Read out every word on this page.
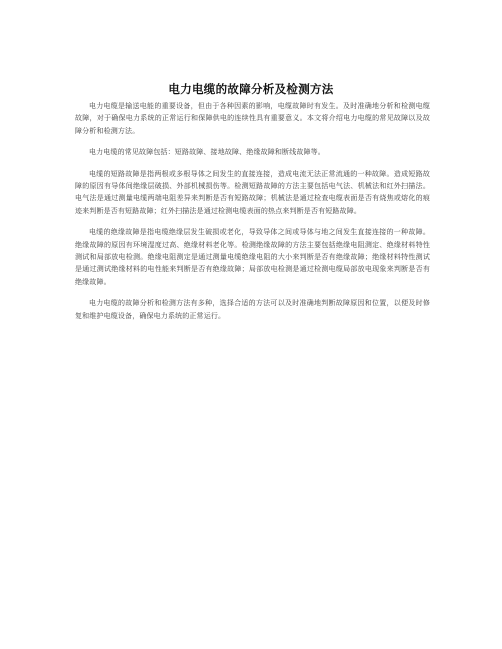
电力电缆的故障分析及检测方法

电力电缆是输送电能的重要设备，但由于各种因素的影响，电缆故障时有发生。及时准确地分析和检测电缆故障，对于确保电力系统的正常运行和保障供电的连续性具有重要意义。本文将介绍电力电缆的常见故障以及故障分析和检测方法。

电力电缆的常见故障包括：短路故障、接地故障、绝缘故障和断线故障等。

电缆的短路故障是指两根或多根导体之间发生的直接连接，造成电流无法正常流通的一种故障。造成短路故障的原因有导体间绝缘层破损、外部机械损伤等。检测短路故障的方法主要包括电气法、机械法和红外扫描法。电气法是通过测量电缆两端电阻差异来判断是否有短路故障；机械法是通过检查电缆表面是否有烧焦或熔化的痕迹来判断是否有短路故障；红外扫描法是通过检测电缆表面的热点来判断是否有短路故障。

电缆的绝缘故障是指电缆绝缘层发生破损或老化，导致导体之间或导体与地之间发生直接连接的一种故障。绝缘故障的原因有环境湿度过高、绝缘材料老化等。检测绝缘故障的方法主要包括绝缘电阻测定、绝缘材料特性测试和局部放电检测。绝缘电阻测定是通过测量电缆绝缘电阻的大小来判断是否有绝缘故障；绝缘材料特性测试是通过测试绝缘材料的电性能来判断是否有绝缘故障；局部放电检测是通过检测电缆局部放电现象来判断是否有绝缘故障。

电力电缆的故障分析和检测方法有多种，选择合适的方法可以及时准确地判断故障原因和位置，以便及时修复和维护电缆设备，确保电力系统的正常运行。
